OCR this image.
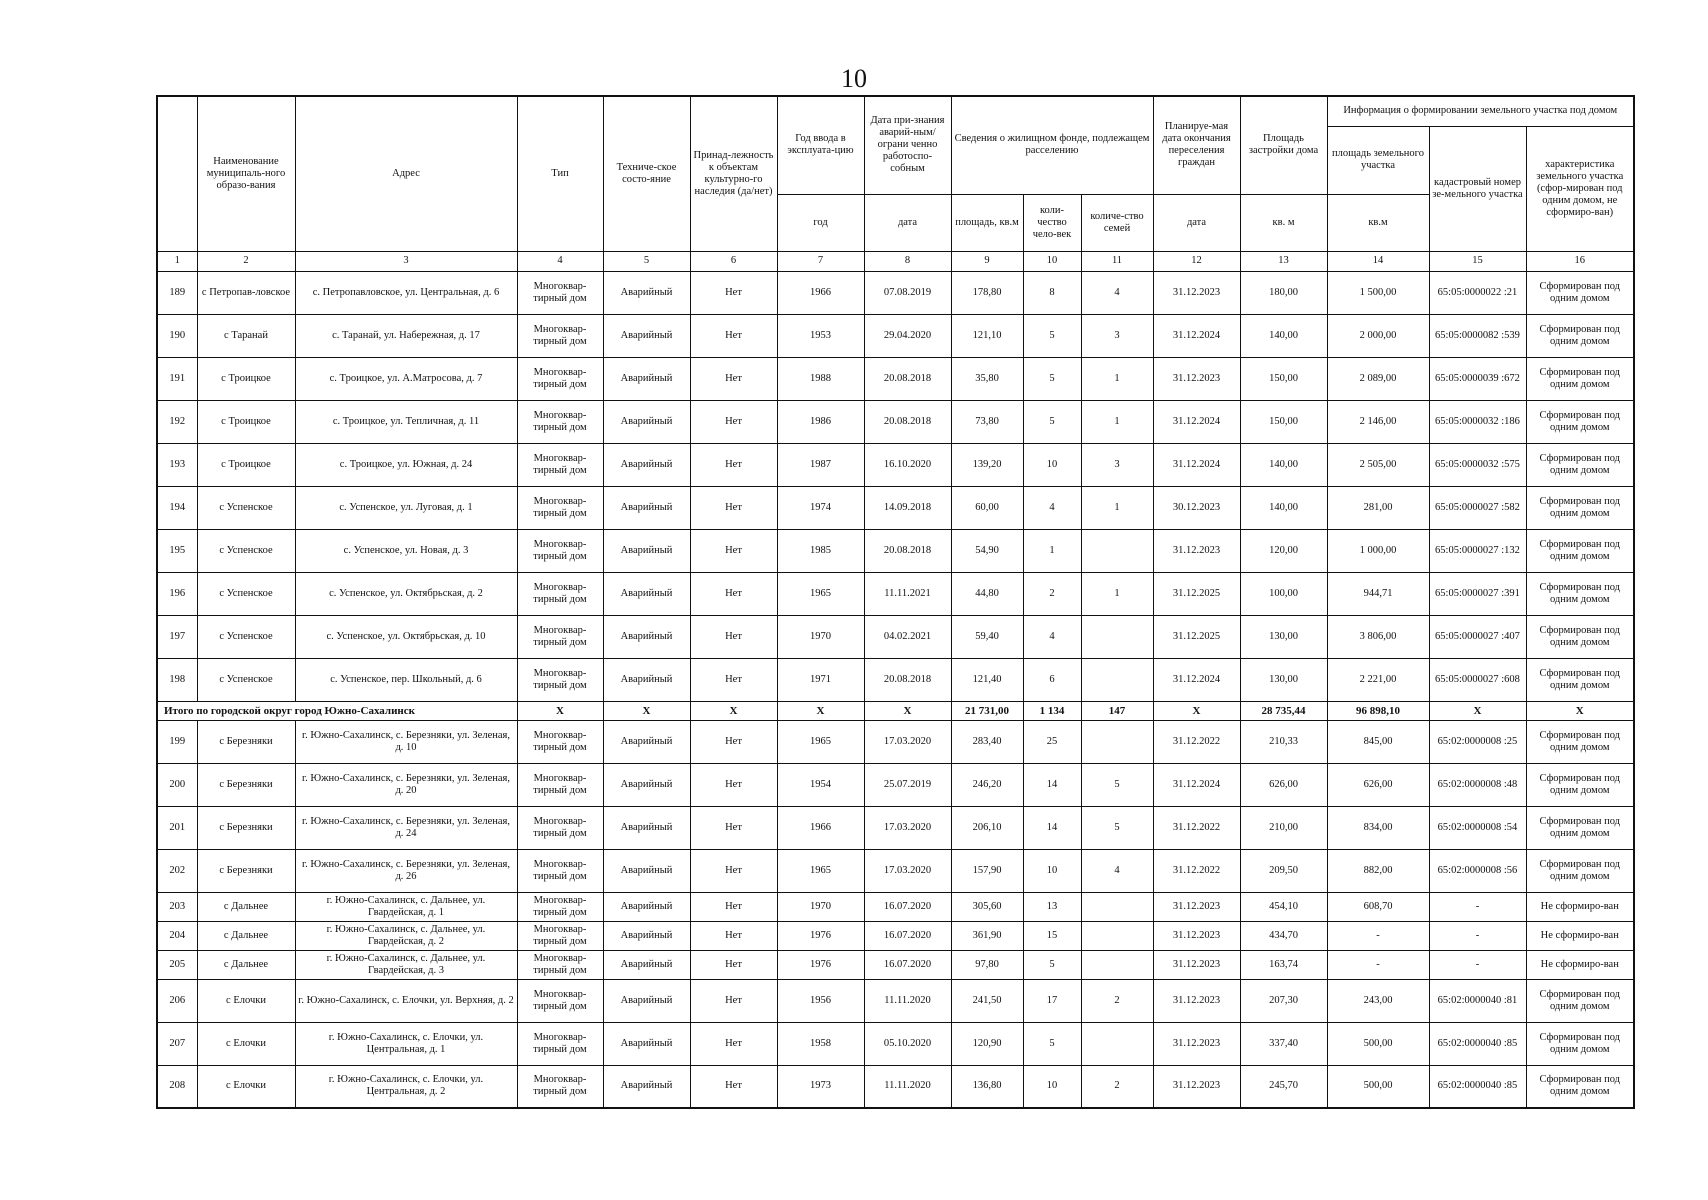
10
	Наименование муниципаль-ного образо-вания	Адрес	Тип	Техниче-ское состо-яние	Принад-лежность к объектам культурно-го наследия (да/нет)	Год ввода в эксплуата-цию	Дата при-знания аварий-ным/ограни ченно работоспо-собным	Сведения о жилищном фонде, подлежащем расселению			Планируе-мая дата окончания переселения граждан	Площадь застройки дома	Информация о формировании земельного участка под домом		
													площадь земельного участка	кадастровый номер зе-мельного участка	характеристика земельного участка (сфор-мирован под одним домом, не сформиро-ван)
						год	дата	площадь, кв.м	коли-чество чело-век	количе-ство семей	дата	кв. м	кв.м		
1	2	3	4	5	6	7	8	9	10	11	12	13	14	15	16
189	с Петропав-ловское	с. Петропавловское, ул. Центральная, д. 6	Многоквар-тирный дом	Аварийный	Нет	1966	07.08.2019	178,80	8	4	31.12.2023	180,00	1 500,00	65:05:0000022 :21	Сформирован под одним домом
190	с Таранай	с. Таранай, ул. Набережная, д. 17	Многоквар-тирный дом	Аварийный	Нет	1953	29.04.2020	121,10	5	3	31.12.2024	140,00	2 000,00	65:05:0000082 :539	Сформирован под одним домом
191	с Троицкое	с. Троицкое, ул. А.Матросова, д. 7	Многоквар-тирный дом	Аварийный	Нет	1988	20.08.2018	35,80	5	1	31.12.2023	150,00	2 089,00	65:05:0000039 :672	Сформирован под одним домом
192	с Троицкое	с. Троицкое, ул. Тепличная, д. 11	Многоквар-тирный дом	Аварийный	Нет	1986	20.08.2018	73,80	5	1	31.12.2024	150,00	2 146,00	65:05:0000032 :186	Сформирован под одним домом
193	с Троицкое	с. Троицкое, ул. Южная, д. 24	Многоквар-тирный дом	Аварийный	Нет	1987	16.10.2020	139,20	10	3	31.12.2024	140,00	2 505,00	65:05:0000032 :575	Сформирован под одним домом
194	с Успенское	с. Успенское, ул. Луговая, д. 1	Многоквар-тирный дом	Аварийный	Нет	1974	14.09.2018	60,00	4	1	30.12.2023	140,00	281,00	65:05:0000027 :582	Сформирован под одним домом
195	с Успенское	с. Успенское, ул. Новая, д. 3	Многоквар-тирный дом	Аварийный	Нет	1985	20.08.2018	54,90	1		31.12.2023	120,00	1 000,00	65:05:0000027 :132	Сформирован под одним домом
196	с Успенское	с. Успенское, ул. Октябрьская, д. 2	Многоквар-тирный дом	Аварийный	Нет	1965	11.11.2021	44,80	2	1	31.12.2025	100,00	944,71	65:05:0000027 :391	Сформирован под одним домом
197	с Успенское	с. Успенское, ул. Октябрьская, д. 10	Многоквар-тирный дом	Аварийный	Нет	1970	04.02.2021	59,40	4		31.12.2025	130,00	3 806,00	65:05:0000027 :407	Сформирован под одним домом
198	с Успенское	с. Успенское, пер. Школьный, д. 6	Многоквар-тирный дом	Аварийный	Нет	1971	20.08.2018	121,40	6		31.12.2024	130,00	2 221,00	65:05:0000027 :608	Сформирован под одним домом
Итого по городской округ город Южно-Сахалинск			X	X	X	X	X	21 731,00	1 134	147	X	28 735,44	96 898,10	X	X
199	с Березняки	г. Южно-Сахалинск, с. Березняки, ул. Зеленая, д. 10	Многоквар-тирный дом	Аварийный	Нет	1965	17.03.2020	283,40	25		31.12.2022	210,33	845,00	65:02:0000008 :25	Сформирован под одним домом
200	с Березняки	г. Южно-Сахалинск, с. Березняки, ул. Зеленая, д. 20	Многоквар-тирный дом	Аварийный	Нет	1954	25.07.2019	246,20	14	5	31.12.2024	626,00	626,00	65:02:0000008 :48	Сформирован под одним домом
201	с Березняки	г. Южно-Сахалинск, с. Березняки, ул. Зеленая, д. 24	Многоквар-тирный дом	Аварийный	Нет	1966	17.03.2020	206,10	14	5	31.12.2022	210,00	834,00	65:02:0000008 :54	Сформирован под одним домом
202	с Березняки	г. Южно-Сахалинск, с. Березняки, ул. Зеленая, д. 26	Многоквар-тирный дом	Аварийный	Нет	1965	17.03.2020	157,90	10	4	31.12.2022	209,50	882,00	65:02:0000008 :56	Сформирован под одним домом
203	с Дальнее	г. Южно-Сахалинск, с. Дальнее, ул. Гвардейская, д. 1	Многоквар-тирный дом	Аварийный	Нет	1970	16.07.2020	305,60	13		31.12.2023	454,10	608,70	-	Не сформиро-ван
204	с Дальнее	г. Южно-Сахалинск, с. Дальнее, ул. Гвардейская, д. 2	Многоквар-тирный дом	Аварийный	Нет	1976	16.07.2020	361,90	15		31.12.2023	434,70	-	-	Не сформиро-ван
205	с Дальнее	г. Южно-Сахалинск, с. Дальнее, ул. Гвардейская, д. 3	Многоквар-тирный дом	Аварийный	Нет	1976	16.07.2020	97,80	5		31.12.2023	163,74	-	-	Не сформиро-ван
206	с Елочки	г. Южно-Сахалинск, с. Елочки, ул. Верхняя, д. 2	Многоквар-тирный дом	Аварийный	Нет	1956	11.11.2020	241,50	17	2	31.12.2023	207,30	243,00	65:02:0000040 :81	Сформирован под одним домом
207	с Елочки	г. Южно-Сахалинск, с. Елочки, ул. Центральная, д. 1	Многоквар-тирный дом	Аварийный	Нет	1958	05.10.2020	120,90	5		31.12.2023	337,40	500,00	65:02:0000040 :85	Сформирован под одним домом
208	с Елочки	г. Южно-Сахалинск, с. Елочки, ул. Центральная, д. 2	Многоквар-тирный дом	Аварийный	Нет	1973	11.11.2020	136,80	10	2	31.12.2023	245,70	500,00	65:02:0000040 :85	Сформирован под одним домом
